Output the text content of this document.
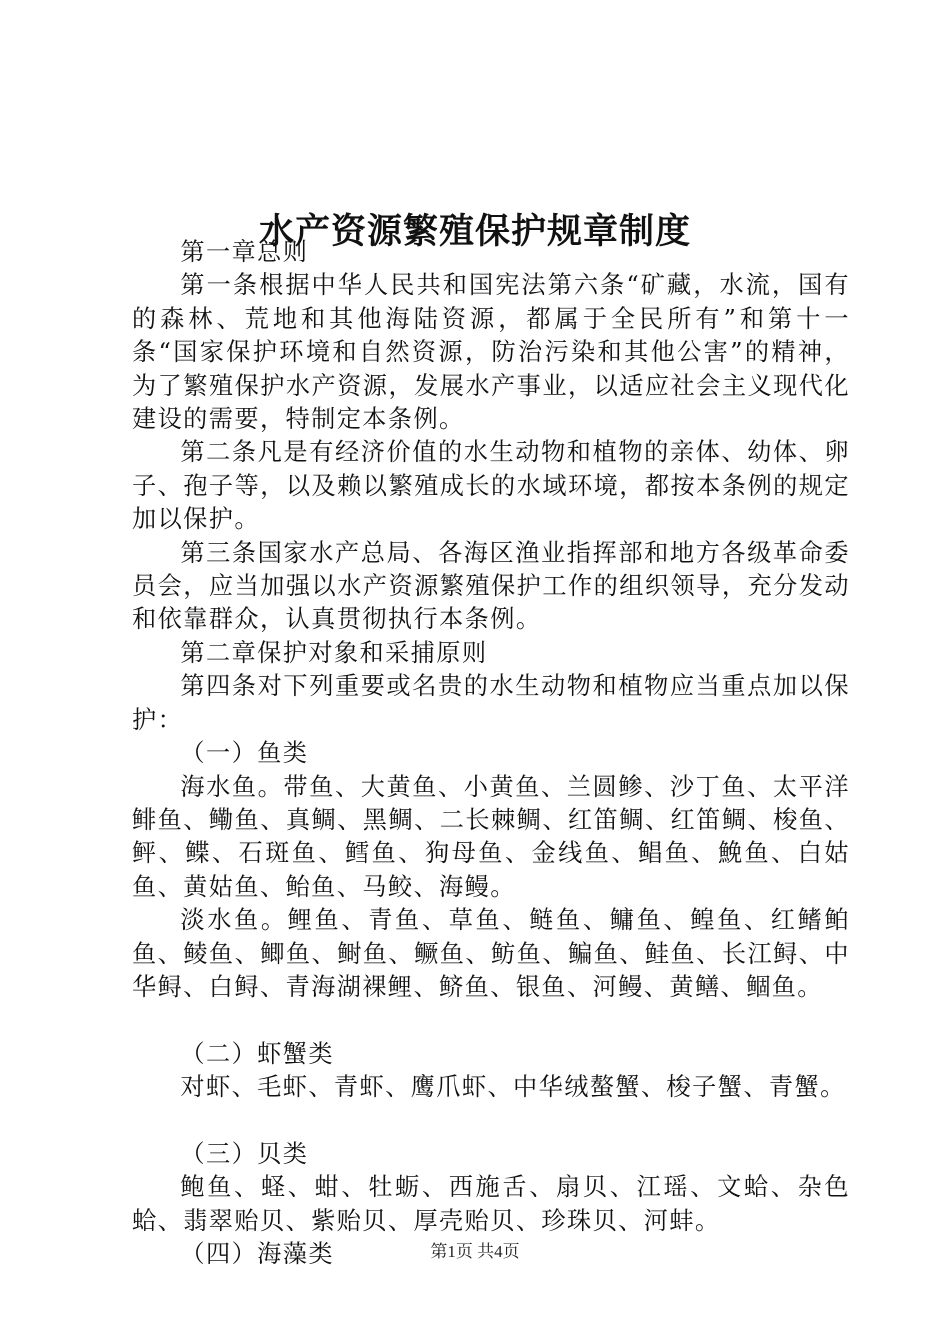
水产资源繁殖保护规章制度

第一章总则

第一条根据中华人民共和国宪法第六条“矿藏，水流，国有的森林、荒地和其他海陆资源，都属于全民所有”和第十一条“国家保护环境和自然资源，防治污染和其他公害”的精神，为了繁殖保护水产资源，发展水产事业，以适应社会主义现代化建设的需要，特制定本条例。

第二条凡是有经济价值的水生动物和植物的亲体、幼体、卵子、孢子等，以及赖以繁殖成长的水域环境，都按本条例的规定加以保护。

第三条国家水产总局、各海区渔业指挥部和地方各级革命委员会，应当加强以水产资源繁殖保护工作的组织领导，充分发动和依靠群众，认真贯彻执行本条例。

第二章保护对象和采捕原则

第四条对下列重要或名贵的水生动物和植物应当重点加以保护：

（一）鱼类

海水鱼。带鱼、大黄鱼、小黄鱼、兰圆鲹、沙丁鱼、太平洋鲱鱼、鳓鱼、真鲷、黑鲷、二长棘鲷、红笛鲷、红笛鲷、梭鱼、鲆、鲽、石斑鱼、鳕鱼、狗母鱼、金线鱼、鲳鱼、鮸鱼、白姑鱼、黄姑鱼、鲐鱼、马鲛、海鳗。

淡水鱼。鲤鱼、青鱼、草鱼、鲢鱼、鳙鱼、鳇鱼、红鳍鲌鱼、鲮鱼、鲫鱼、鲥鱼、鳜鱼、鲂鱼、鳊鱼、鲑鱼、长江鲟、中华鲟、白鲟、青海湖裸鲤、鲚鱼、银鱼、河鳗、黄鳝、鲴鱼。

（二）虾蟹类

对虾、毛虾、青虾、鹰爪虾、中华绒螯蟹、梭子蟹、青蟹。

（三）贝类

鲍鱼、蛏、蚶、牡蛎、西施舌、扇贝、江瑶、文蛤、杂色蛤、翡翠贻贝、紫贻贝、厚壳贻贝、珍珠贝、河蚌。

（四）海藻类	第1页 共4页
